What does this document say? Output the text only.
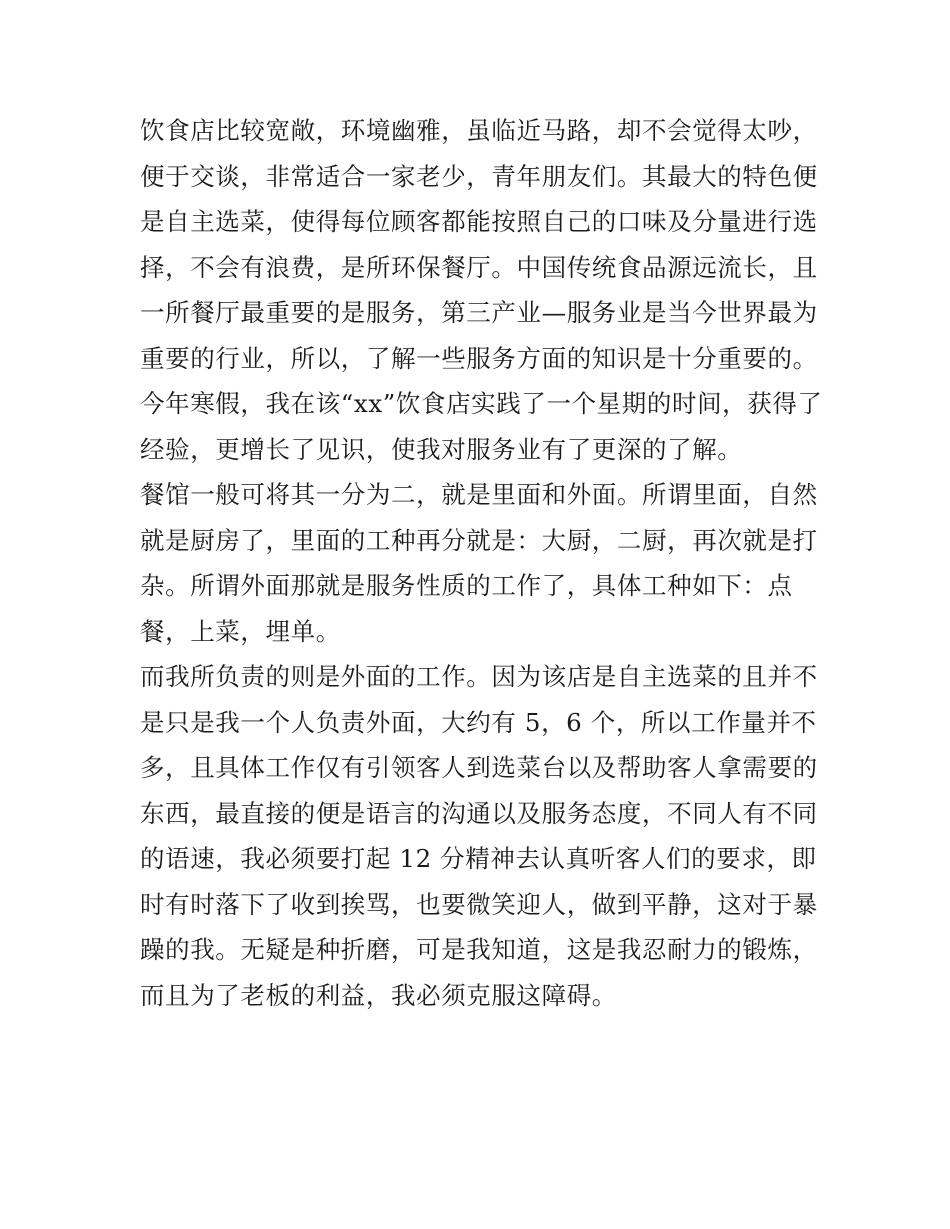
饮食店比较宽敞，环境幽雅，虽临近马路，却不会觉得太吵，
便于交谈，非常适合一家老少，青年朋友们。其最大的特色便
是自主选菜，使得每位顾客都能按照自己的口味及分量进行选
择，不会有浪费，是所环保餐厅。中国传统食品源远流长，且
一所餐厅最重要的是服务，第三产业—服务业是当今世界最为
重要的行业，所以，了解一些服务方面的知识是十分重要的。
今年寒假，我在该“xx”饮食店实践了一个星期的时间，获得了
经验，更增长了见识，使我对服务业有了更深的了解。
餐馆一般可将其一分为二，就是里面和外面。所谓里面，自然
就是厨房了，里面的工种再分就是：大厨，二厨，再次就是打
杂。所谓外面那就是服务性质的工作了，具体工种如下：点
餐，上菜，埋单。
而我所负责的则是外面的工作。因为该店是自主选菜的且并不
是只是我一个人负责外面，大约有 5，6 个，所以工作量并不
多，且具体工作仅有引领客人到选菜台以及帮助客人拿需要的
东西，最直接的便是语言的沟通以及服务态度，不同人有不同
的语速，我必须要打起 12 分精神去认真听客人们的要求，即
时有时落下了收到挨骂，也要微笑迎人，做到平静，这对于暴
躁的我。无疑是种折磨，可是我知道，这是我忍耐力的锻炼，
而且为了老板的利益，我必须克服这障碍。
